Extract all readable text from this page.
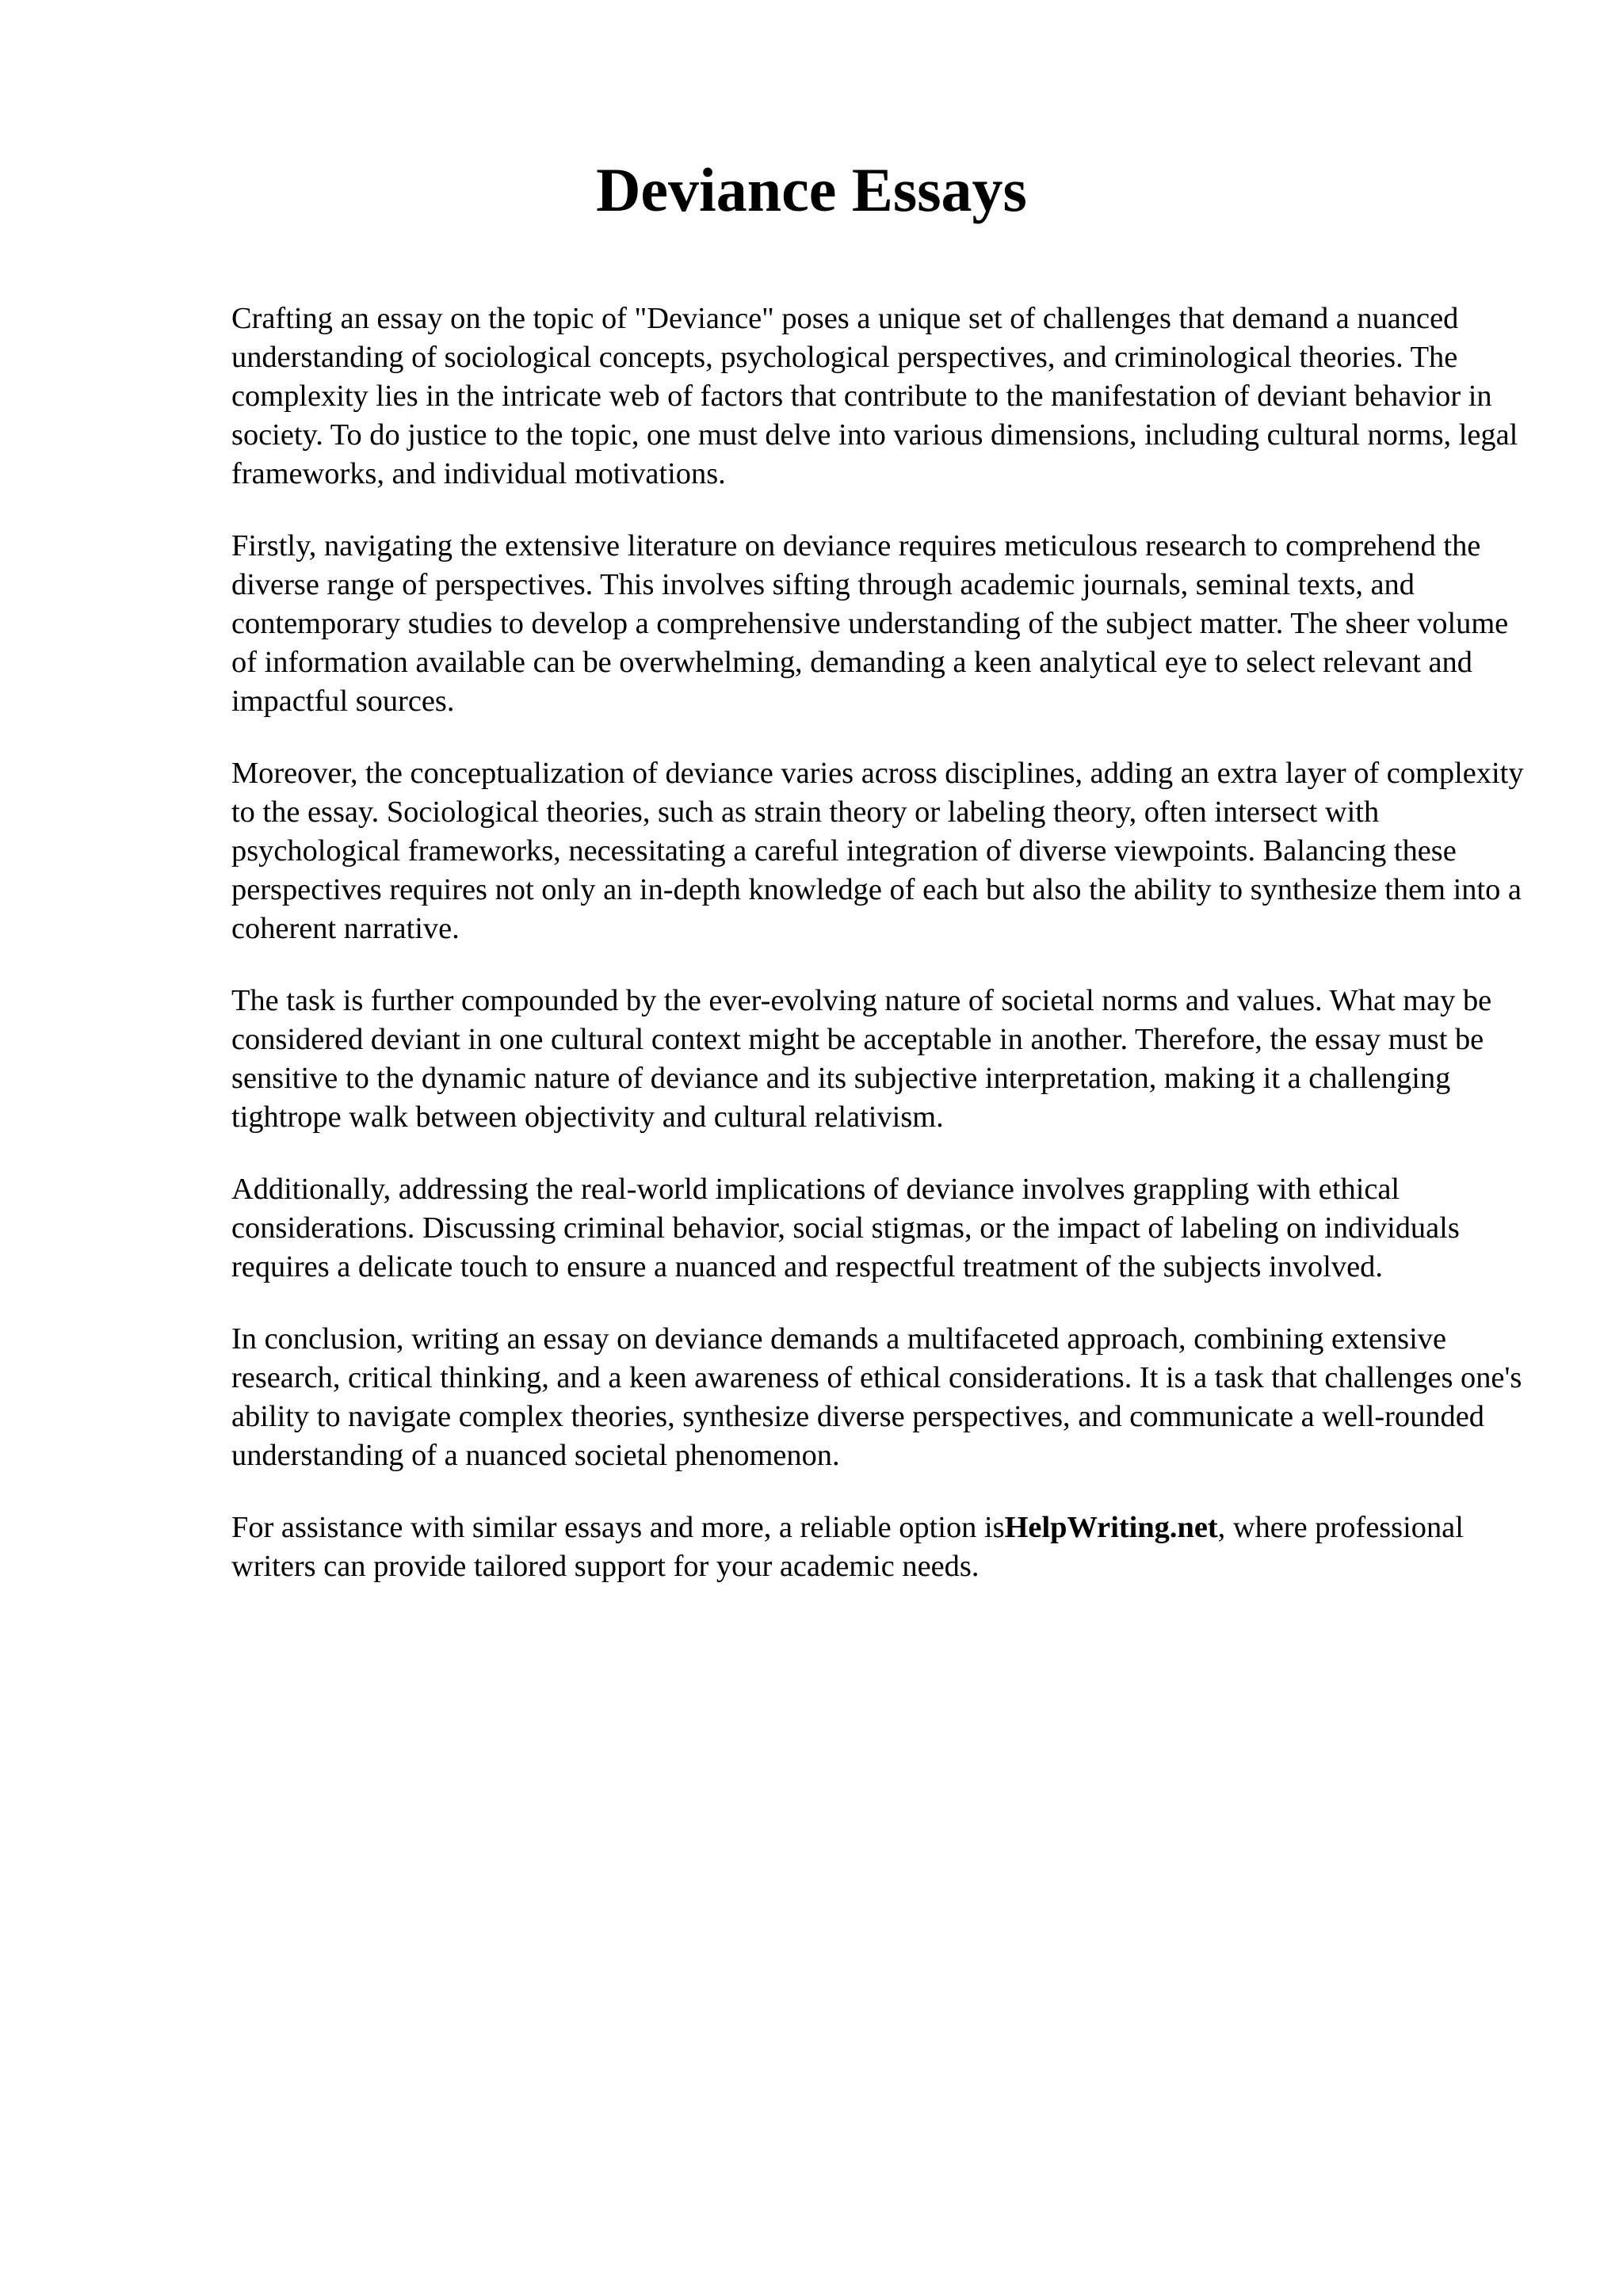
Deviance Essays

Crafting an essay on the topic of "Deviance" poses a unique set of challenges that demand a nuanced understanding of sociological concepts, psychological perspectives, and criminological theories. The complexity lies in the intricate web of factors that contribute to the manifestation of deviant behavior in society. To do justice to the topic, one must delve into various dimensions, including cultural norms, legal frameworks, and individual motivations.

Firstly, navigating the extensive literature on deviance requires meticulous research to comprehend the diverse range of perspectives. This involves sifting through academic journals, seminal texts, and contemporary studies to develop a comprehensive understanding of the subject matter. The sheer volume of information available can be overwhelming, demanding a keen analytical eye to select relevant and impactful sources.

Moreover, the conceptualization of deviance varies across disciplines, adding an extra layer of complexity to the essay. Sociological theories, such as strain theory or labeling theory, often intersect with psychological frameworks, necessitating a careful integration of diverse viewpoints. Balancing these perspectives requires not only an in-depth knowledge of each but also the ability to synthesize them into a coherent narrative.

The task is further compounded by the ever-evolving nature of societal norms and values. What may be considered deviant in one cultural context might be acceptable in another. Therefore, the essay must be sensitive to the dynamic nature of deviance and its subjective interpretation, making it a challenging tightrope walk between objectivity and cultural relativism.

Additionally, addressing the real-world implications of deviance involves grappling with ethical considerations. Discussing criminal behavior, social stigmas, or the impact of labeling on individuals requires a delicate touch to ensure a nuanced and respectful treatment of the subjects involved.

In conclusion, writing an essay on deviance demands a multifaceted approach, combining extensive research, critical thinking, and a keen awareness of ethical considerations. It is a task that challenges one's ability to navigate complex theories, synthesize diverse perspectives, and communicate a well-rounded understanding of a nuanced societal phenomenon.

For assistance with similar essays and more, a reliable option isHelpWriting.net, where professional writers can provide tailored support for your academic needs.
